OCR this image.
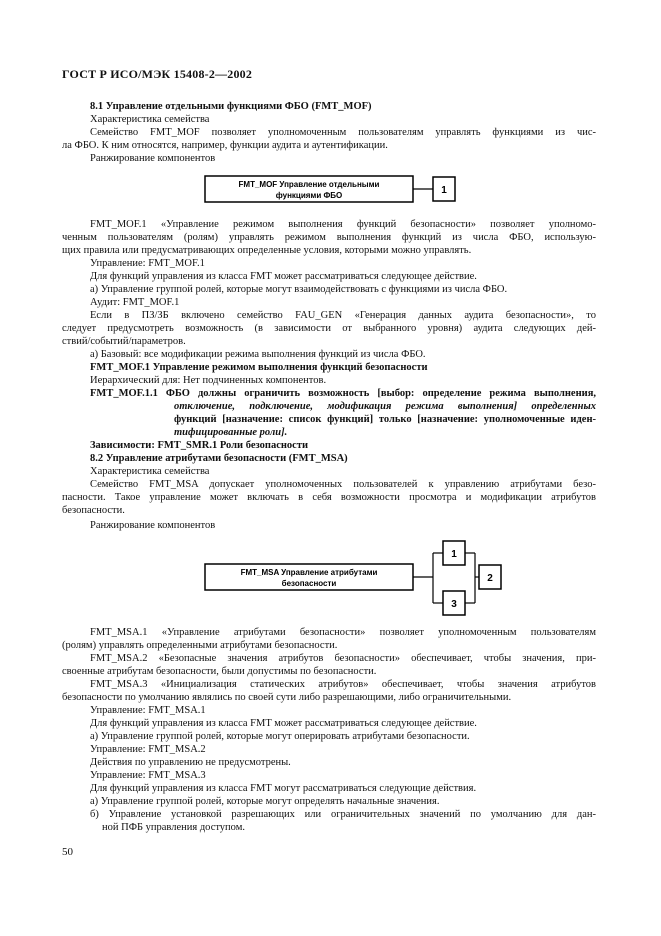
ГОСТ Р ИСО/МЭК 15408-2—2002
8.1 Управление отдельными функциями ФБО (FMT_MOF)
Характеристика семейства
Семейство FMT_MOF позволяет уполномоченным пользователям управлять функциями из чис-
ла ФБО. К ним относятся, например, функции аудита и аутентификации.
Ранжирование компонентов
FMT_MOF Управление отдельными
функциями ФБО	1
FMT_MOF.1 «Управление режимом выполнения функций безопасности» позволяет уполномо-
ченным пользователям (ролям) управлять режимом выполнения функций из числа ФБО, использую-
щих правила или предусматривающих определенные условия, которыми можно управлять.
Управление: FMT_MOF.1
Для функций управления из класса FMT может рассматриваться следующее действие.
а) Управление группой ролей, которые могут взаимодействовать с функциями из числа ФБО.
Аудит: FMT_MOF.1
Если в ПЗ/ЗБ включено семейство FAU_GEN «Генерация данных аудита безопасности», то
следует предусмотреть возможность (в зависимости от выбранного уровня) аудита следующих дей-
ствий/событий/параметров.
а) Базовый: все модификации режима выполнения функций из числа ФБО.
FMT_MOF.1 Управление режимом выполнения функций безопасности
Иерархический для: Нет подчиненных компонентов.
FMT_MOF.1.1 ФБО должны ограничить возможность [выбор: определение режима выполнения,
отключение, подключение, модификация режима выполнения] определенных
функций [назначение: список функций] только [назначение: уполномоченные иден-
тифицированные роли].
Зависимости: FMT_SMR.1 Роли безопасности
8.2 Управление атрибутами безопасности (FMT_MSA)
Характеристика семейства
Семейство FMT_MSA допускает уполномоченных пользователей к управлению атрибутами безо-
пасности. Такое управление может включать в себя возможности просмотра и модификации атрибутов
безопасности.
Ранжирование компонентов
FMT_MSA Управление атрибутами
безопасности
1
3
2
FMT_MSA.1 «Управление атрибутами безопасности» позволяет уполномоченным пользователям
(ролям) управлять определенными атрибутами безопасности.
FMT_MSA.2 «Безопасные значения атрибутов безопасности» обеспечивает, чтобы значения, при-
своенные атрибутам безопасности, были допустимы по безопасности.
FMT_MSA.3 «Инициализация статических атрибутов» обеспечивает, чтобы значения атрибутов
безопасности по умолчанию являлись по своей сути либо разрешающими, либо ограничительными.
Управление: FMT_MSA.1
Для функций управления из класса FMT может рассматриваться следующее действие.
а) Управление группой ролей, которые могут оперировать атрибутами безопасности.
Управление: FMT_MSA.2
Действия по управлению не предусмотрены.
Управление: FMT_MSA.3
Для функций управления из класса FMT могут рассматриваться следующие действия.
а) Управление группой ролей, которые могут определять начальные значения.
б) Управление установкой разрешающих или ограничительных значений по умолчанию для дан-
ной ПФБ управления доступом.
50
